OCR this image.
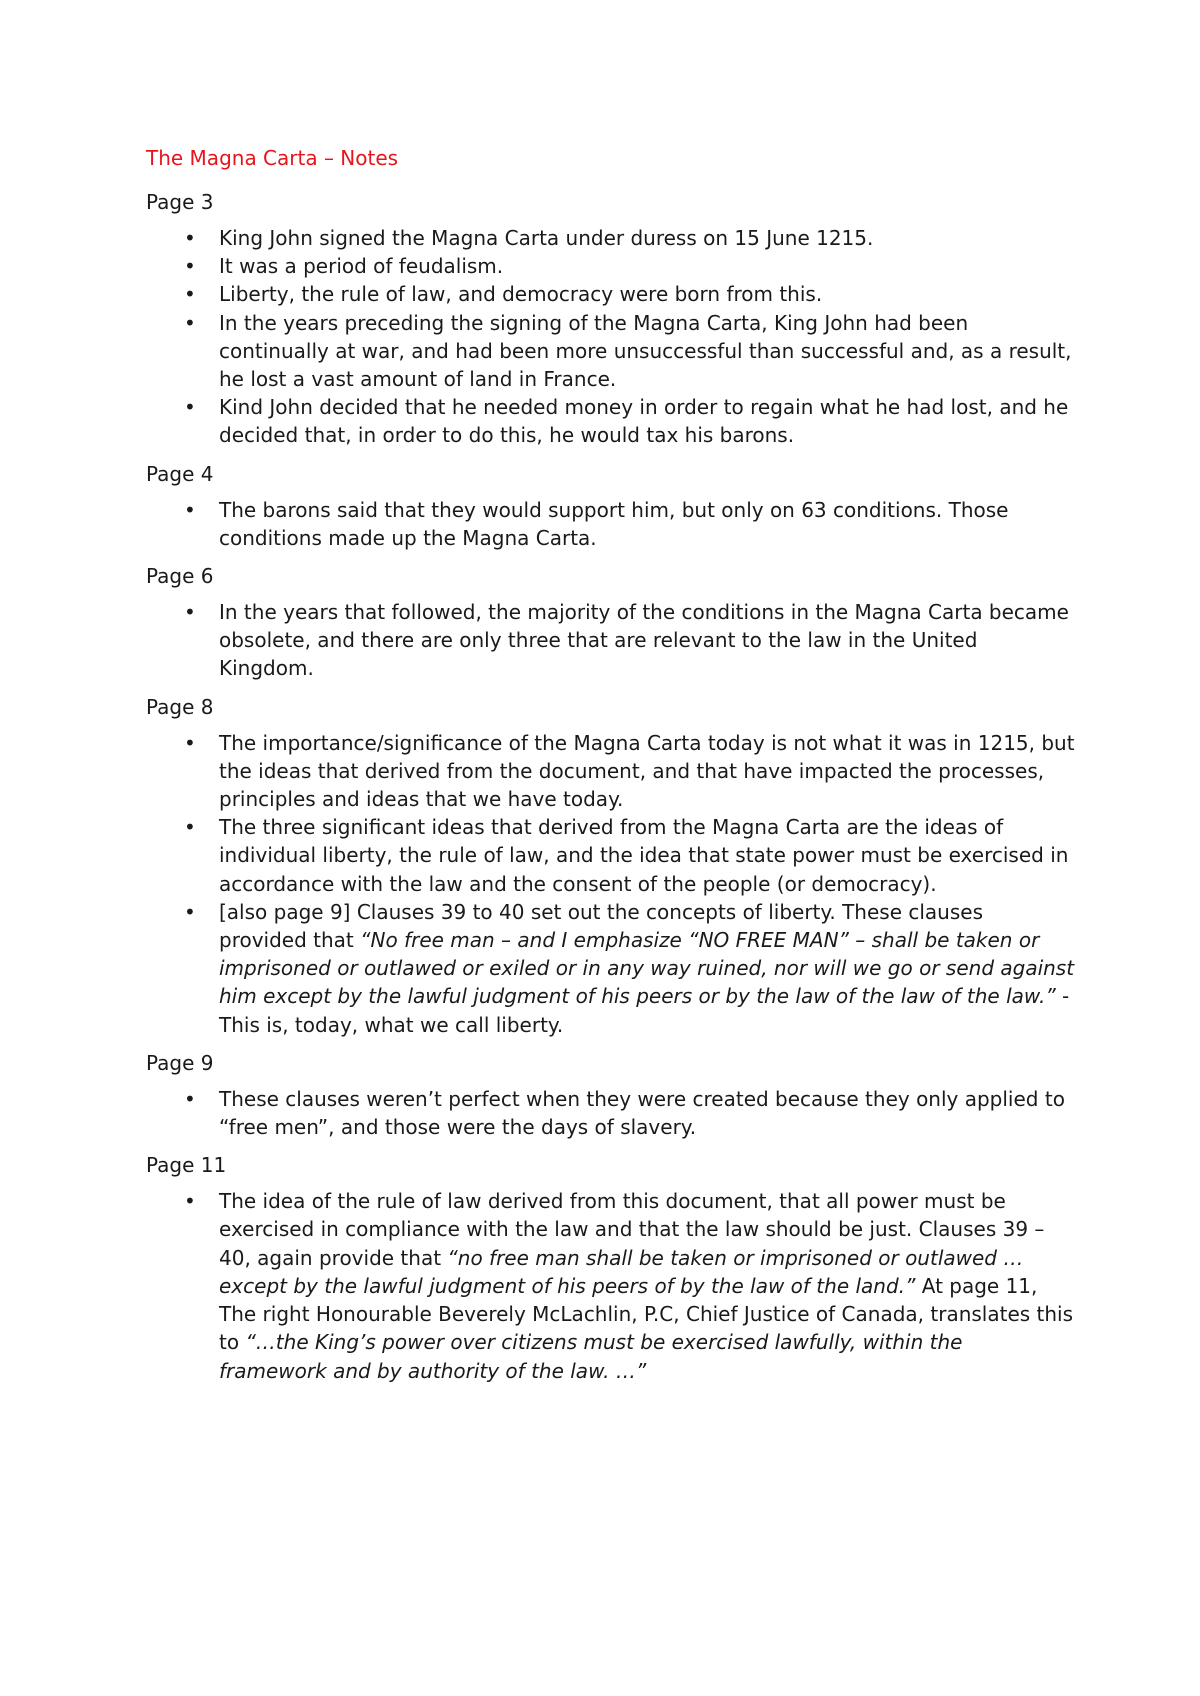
The Magna Carta – Notes
Page 3
• King John signed the Magna Carta under duress on 15 June 1215.
• It was a period of feudalism.
• Liberty, the rule of law, and democracy were born from this.
• In the years preceding the signing of the Magna Carta, King John had been continually at war, and had been more unsuccessful than successful and, as a result, he lost a vast amount of land in France.
• Kind John decided that he needed money in order to regain what he had lost, and he decided that, in order to do this, he would tax his barons.
Page 4
• The barons said that they would support him, but only on 63 conditions. Those conditions made up the Magna Carta.
Page 6
• In the years that followed, the majority of the conditions in the Magna Carta became obsolete, and there are only three that are relevant to the law in the United Kingdom.
Page 8
• The importance/significance of the Magna Carta today is not what it was in 1215, but the ideas that derived from the document, and that have impacted the processes, principles and ideas that we have today.
• The three significant ideas that derived from the Magna Carta are the ideas of individual liberty, the rule of law, and the idea that state power must be exercised in accordance with the law and the consent of the people (or democracy).
• [also page 9] Clauses 39 to 40 set out the concepts of liberty. These clauses provided that “No free man – and I emphasize “NO FREE MAN” – shall be taken or imprisoned or outlawed or exiled or in any way ruined, nor will we go or send against him except by the lawful judgment of his peers or by the law of the law of the law.” - This is, today, what we call liberty.
Page 9
• These clauses weren’t perfect when they were created because they only applied to “free men”, and those were the days of slavery.
Page 11
• The idea of the rule of law derived from this document, that all power must be exercised in compliance with the law and that the law should be just. Clauses 39 – 40, again provide that “no free man shall be taken or imprisoned or outlawed … except by the lawful judgment of his peers of by the law of the land.” At page 11, The right Honourable Beverely McLachlin, P.C, Chief Justice of Canada, translates this to “…the King’s power over citizens must be exercised lawfully, within the framework and by authority of the law. …”
